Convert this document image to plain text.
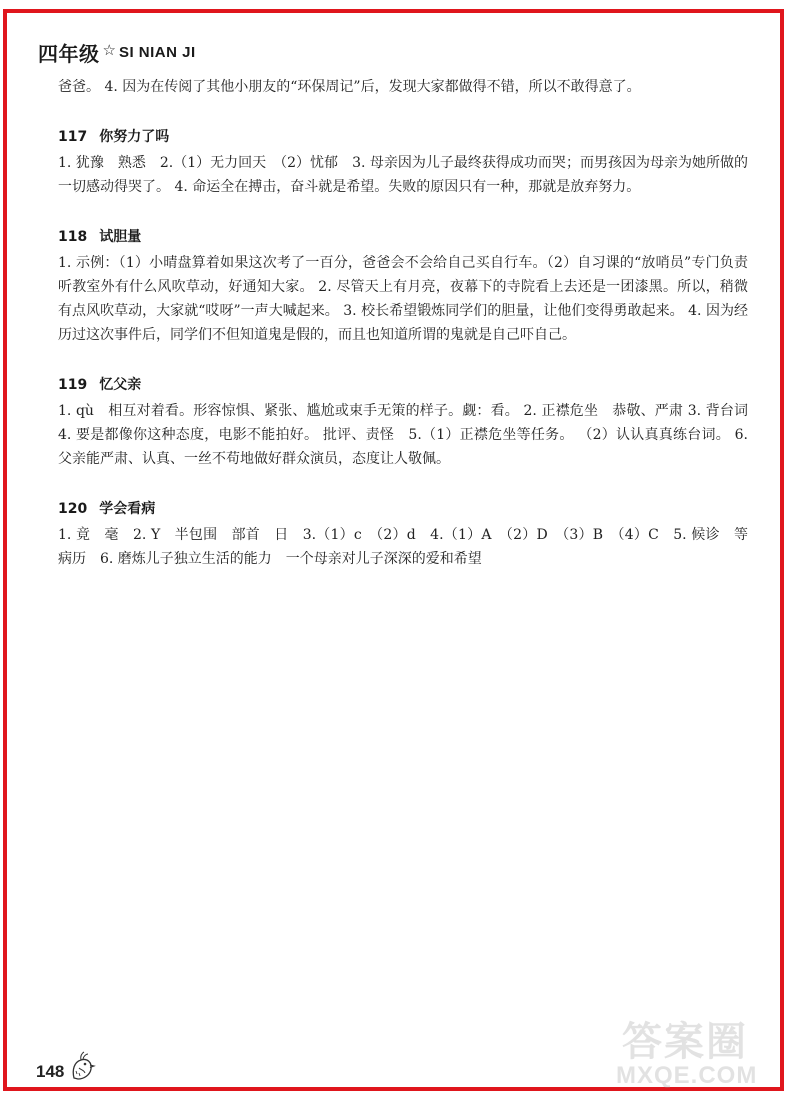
四年级 ☆ SI NIAN JI

爸爸。 4. 因为在传阅了其他小朋友的“环保周记”后，发现大家都做得不错，所以不敢得意了。

117 你努力了吗

1. 犹豫　熟悉　2.（1）无力回天　（2）忧郁　3. 母亲因为儿子最终获得成功而哭；而男孩因为母亲为她所做的一切感动得哭了。 4. 命运全在搏击，奋斗就是希望。失败的原因只有一种，那就是放弃努力。

118 试胆量

1. 示例：（1）小晴盘算着如果这次考了一百分，爸爸会不会给自己买自行车。（2）自习课的“放哨员”专门负责听教室外有什么风吹草动，好通知大家。 2. 尽管天上有月亮，夜幕下的寺院看上去还是一团漆黑。所以，稍微有点风吹草动，大家就“哎呀”一声大喊起来。 3. 校长希望锻炼同学们的胆量，让他们变得勇敢起来。 4. 因为经历过这次事件后，同学们不但知道鬼是假的，而且也知道所谓的鬼就是自己吓自己。

119 忆父亲

1. qù　相互对着看。形容惊惧、紧张、尴尬或束手无策的样子。觑：看。 2. 正襟危坐　恭敬、严肃 3. 背台词　4. 要是都像你这种态度，电影不能拍好。 批评、责怪　5.（1）正襟危坐等任务。 （2）认认真真练台词。 6. 父亲能严肃、认真、一丝不苟地做好群众演员，态度让人敬佩。

120 学会看病

1. 竟　毫　2. Y　半包围　部首　日　3.（1）c　（2）d　4.（1）A　（2）D　（3）B　（4）C　5. 候诊　等病历　6. 磨炼儿子独立生活的能力　一个母亲对儿子深深的爱和希望

148
答案圈
MXQE.COM
